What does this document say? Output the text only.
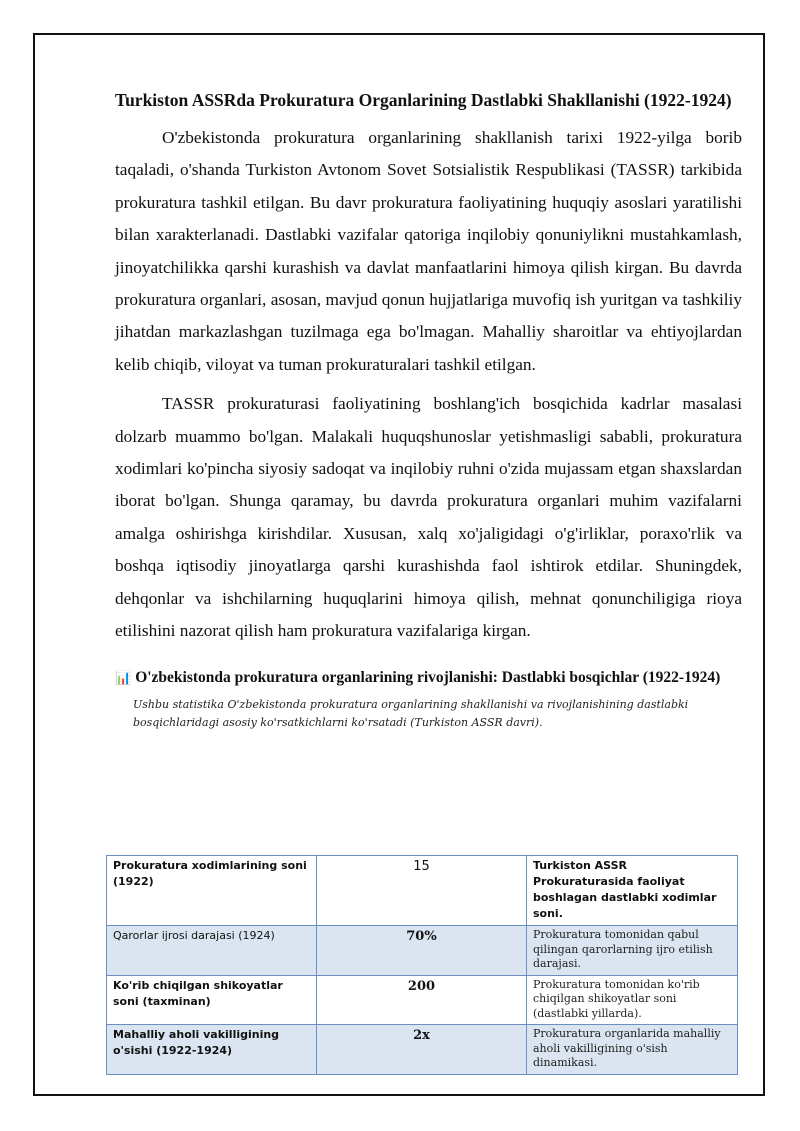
Turkiston ASSRda Prokuratura Organlarining Dastlabki Shakllanishi (1922-1924)

O'zbekistonda prokuratura organlarining shakllanish tarixi 1922-yilga borib taqaladi, o'shanda Turkiston Avtonom Sovet Sotsialistik Respublikasi (TASSR) tarkibida prokuratura tashkil etilgan. Bu davr prokuratura faoliyatining huquqiy asoslari yaratilishi bilan xarakterlanadi. Dastlabki vazifalar qatoriga inqilobiy qonuniylikni mustahkamlash, jinoyatchilikka qarshi kurashish va davlat manfaatlarini himoya qilish kirgan. Bu davrda prokuratura organlari, asosan, mavjud qonun hujjatlariga muvofiq ish yuritgan va tashkiliy jihatdan markazlashgan tuzilmaga ega bo'lmagan. Mahalliy sharoitlar va ehtiyojlardan kelib chiqib, viloyat va tuman prokuraturalari tashkil etilgan.

TASSR prokuraturasi faoliyatining boshlang'ich bosqichida kadrlar masalasi dolzarb muammo bo'lgan. Malakali huquqshunoslar yetishmasligi sababli, prokuratura xodimlari ko'pincha siyosiy sadoqat va inqilobiy ruhni o'zida mujassam etgan shaxslardan iborat bo'lgan. Shunga qaramay, bu davrda prokuratura organlari muhim vazifalarni amalga oshirishga kirishdilar. Xususan, xalq xo'jaligidagi o'g'irliklar, poraxo'rlik va boshqa iqtisodiy jinoyatlarga qarshi kurashishda faol ishtirok etdilar. Shuningdek, dehqonlar va ishchilarning huquqlarini himoya qilish, mehnat qonunchiligiga rioya etilishini nazorat qilish ham prokuratura vazifalariga kirgan.

📊 O'zbekistonda prokuratura organlarining rivojlanishi: Dastlabki bosqichlar (1922-1924)

Ushbu statistika O'zbekistonda prokuratura organlarining shakllanishi va rivojlanishining dastlabki bosqichlaridagi asosiy ko'rsatkichlarni ko'rsatadi (Turkiston ASSR davri).

Prokuratura xodimlarining soni (1922)	15	Turkiston ASSR Prokuraturasida faoliyat boshlagan dastlabki xodimlar soni.

Qarorlar ijrosi darajasi (1924)	70%	Prokuratura tomonidan qabul qilingan qarorlarning ijro etilish darajasi.

Ko'rib chiqilgan shikoyatlar soni (taxminan)	200	Prokuratura tomonidan ko'rib chiqilgan shikoyatlar soni (dastlabki yillarda).

Mahalliy aholi vakilligining o'sishi (1922-1924)	2x	Prokuratura organlarida mahalliy aholi vakilligining o'sish dinamikasi.
